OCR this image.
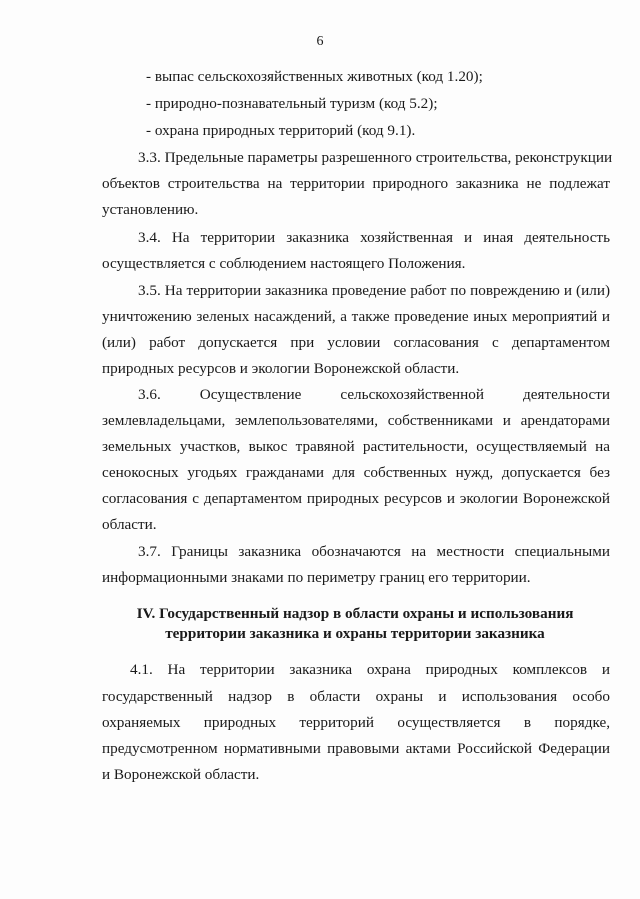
6
- выпас сельскохозяйственных животных (код 1.20);
- природно-познавательный туризм (код 5.2);
- охрана природных территорий (код 9.1).
3.3. Предельные параметры разрешенного строительства, реконструкции
объектов строительства на территории природного заказника не подлежат
установлению.
3.4. На территории заказника хозяйственная и иная деятельность
осуществляется с соблюдением настоящего Положения.
3.5. На территории заказника проведение работ по повреждению и (или)
уничтожению зеленых насаждений, а также проведение иных мероприятий и
(или) работ допускается при условии согласования с департаментом
природных ресурсов и экологии Воронежской области.
3.6. Осуществление сельскохозяйственной деятельности
землевладельцами, землепользователями, собственниками и арендаторами
земельных участков, выкос травяной растительности, осуществляемый на
сенокосных угодьях гражданами для собственных нужд, допускается без
согласования с департаментом природных ресурсов и экологии Воронежской
области.
3.7. Границы заказника обозначаются на местности специальными
информационными знаками по периметру границ его территории.
IV. Государственный надзор в области охраны и использования
территории заказника и охраны территории заказника
4.1. На территории заказника охрана природных комплексов и
государственный надзор в области охраны и использования особо
охраняемых природных территорий осуществляется в порядке,
предусмотренном нормативными правовыми актами Российской Федерации
и Воронежской области.
